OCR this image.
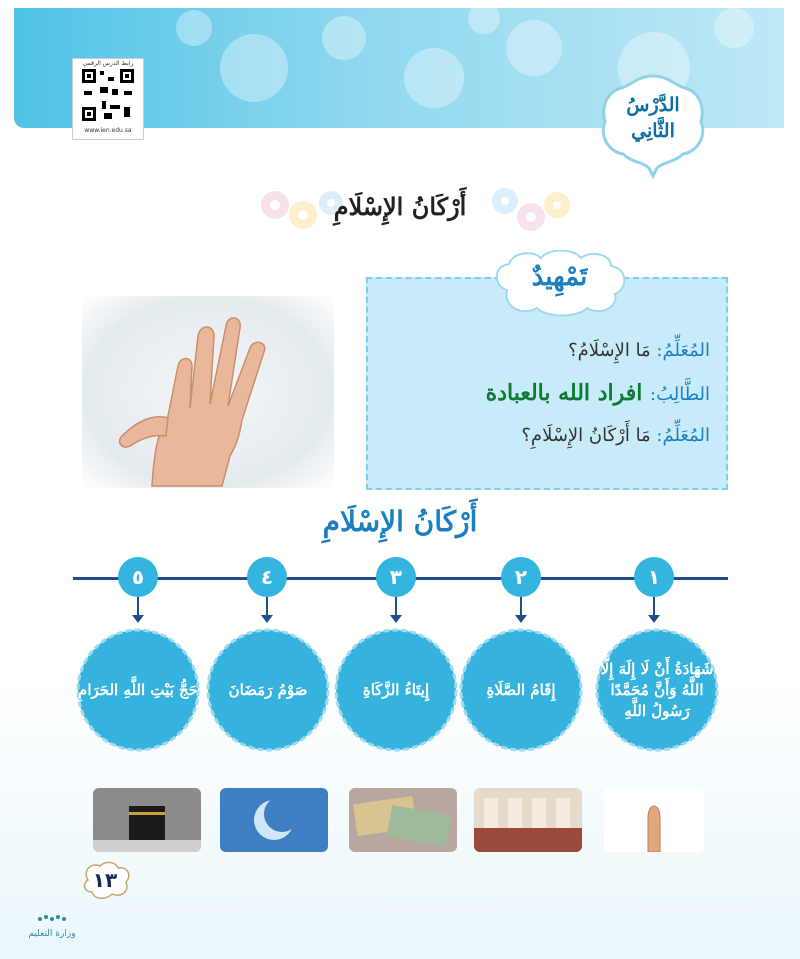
رابط الدرس الرقمي
www.ien.edu.sa
الدَّرْسُ
الثَّانِي
أَرْكَانُ الإِسْلَامِ
تَمْهِيدٌ
المُعَلِّمُ: مَا الإِسْلَامُ؟
الطَّالِبُ: افراد الله بالعبادة
المُعَلِّمُ: مَا أَرْكَانُ الإِسْلَامِ؟
أَرْكَانُ الإِسْلَامِ
١
٢
٣
٤
٥
شَهَادَةُ أَنْ لَا إِلَهَ إِلَّا اللَّهُ وَأَنَّ مُحَمَّدًا رَسُولُ اللَّهِ
إِقَامُ الصَّلَاةِ
إِيتَاءُ الزَّكَاةِ
صَوْمُ رَمَضَانَ
حَجُّ بَيْتِ اللَّهِ الحَرَامِ
١٣
وزارة التعليم
